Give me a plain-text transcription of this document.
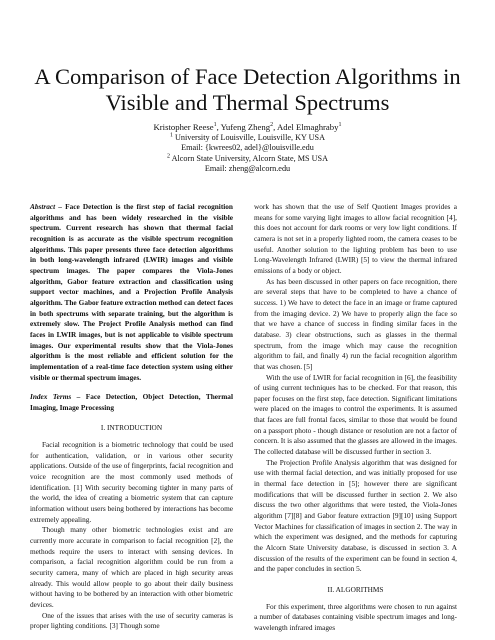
A Comparison of Face Detection Algorithms in Visible and Thermal Spectrums
Kristopher Reese$^1$, Yufeng Zheng$^2$, Adel Elmaghraby$^1$
$^1$ University of Louisville, Louisville, KY USA
Email: {kwrees02, adel}@louisville.edu
$^2$ Alcorn State University, Alcorn State, MS USA
Email: zheng@alcorn.edu

Abstract – Face Detection is the first step of facial recognition algorithms and has been widely researched in the visible spectrum. Current research has shown that thermal facial recognition is as accurate as the visible spectrum recognition algorithms. This paper presents three face detection algorithms in both long-wavelength infrared (LWIR) images and visible spectrum images. The paper compares the Viola-Jones algorithm, Gabor feature extraction and classification using support vector machines, and a Projection Profile Analysis algorithm. The Gabor feature extraction method can detect faces in both spectrums with separate training, but the algorithm is extremely slow. The Project Profile Analysis method can find faces in LWIR images, but is not applicable to visible spectrum images. Our experimental results show that the Viola-Jones algorithm is the most reliable and efficient solution for the implementation of a real-time face detection system using either visible or thermal spectrum images.

Index Terms – Face Detection, Object Detection, Thermal Imaging, Image Processing

I. INTRODUCTION

Facial recognition is a biometric technology that could be used for authentication, validation, or in various other security applications. Outside of the use of fingerprints, facial recognition and voice recognition are the most commonly used methods of identification. [1] With security becoming tighter in many parts of the world, the idea of creating a biometric system that can capture information without users being bothered by interactions has become extremely appealing.

Though many other biometric technologies exist and are currently more accurate in comparison to facial recognition [2], the methods require the users to interact with sensing devices. In comparison, a facial recognition algorithm could be run from a security camera, many of which are placed in high security areas already. This would allow people to go about their daily business without having to be bothered by an interaction with other biometric devices.

One of the issues that arises with the use of security cameras is proper lighting conditions. [3] Though some

work has shown that the use of Self Quotient Images provides a means for some varying light images to allow facial recognition [4], this does not account for dark rooms or very low light conditions. If camera is not set in a properly lighted room, the camera ceases to be useful. Another solution to the lighting problem has been to use Long-Wavelength Infrared (LWIR) [5] to view the thermal infrared emissions of a body or object.

As has been discussed in other papers on face recognition, there are several steps that have to be completed to have a chance of success. 1) We have to detect the face in an image or frame captured from the imaging device. 2) We have to properly align the face so that we have a chance of success in finding similar faces in the database. 3) clear obstructions, such as glasses in the thermal spectrum, from the image which may cause the recognition algorithm to fail, and finally 4) run the facial recognition algorithm that was chosen. [5]

With the use of LWIR for facial recognition in [6], the feasibility of using current techniques has to be checked. For that reason, this paper focuses on the first step, face detection. Significant limitations were placed on the images to control the experiments. It is assumed that faces are full frontal faces, similar to those that would be found on a passport photo - though distance or resolution are not a factor of concern. It is also assumed that the glasses are allowed in the images. The collected database will be discussed further in section 3.

The Projection Profile Analysis algorithm that was designed for use with thermal facial detection, and was initially proposed for use in thermal face detection in [5]; however there are significant modifications that will be discussed further in section 2. We also discuss the two other algorithms that were tested, the Viola-Jones algorithm [7][8] and Gabor feature extraction [9][10] using Support Vector Machines for classification of images in section 2. The way in which the experiment was designed, and the methods for capturing the Alcorn State University database, is discussed in section 3. A discussion of the results of the experiment can be found in section 4, and the paper concludes in section 5.

II. ALGORITHMS

For this experiment, three algorithms were chosen to run against a number of databases containing visible spectrum images and long-wavelength infrared images
